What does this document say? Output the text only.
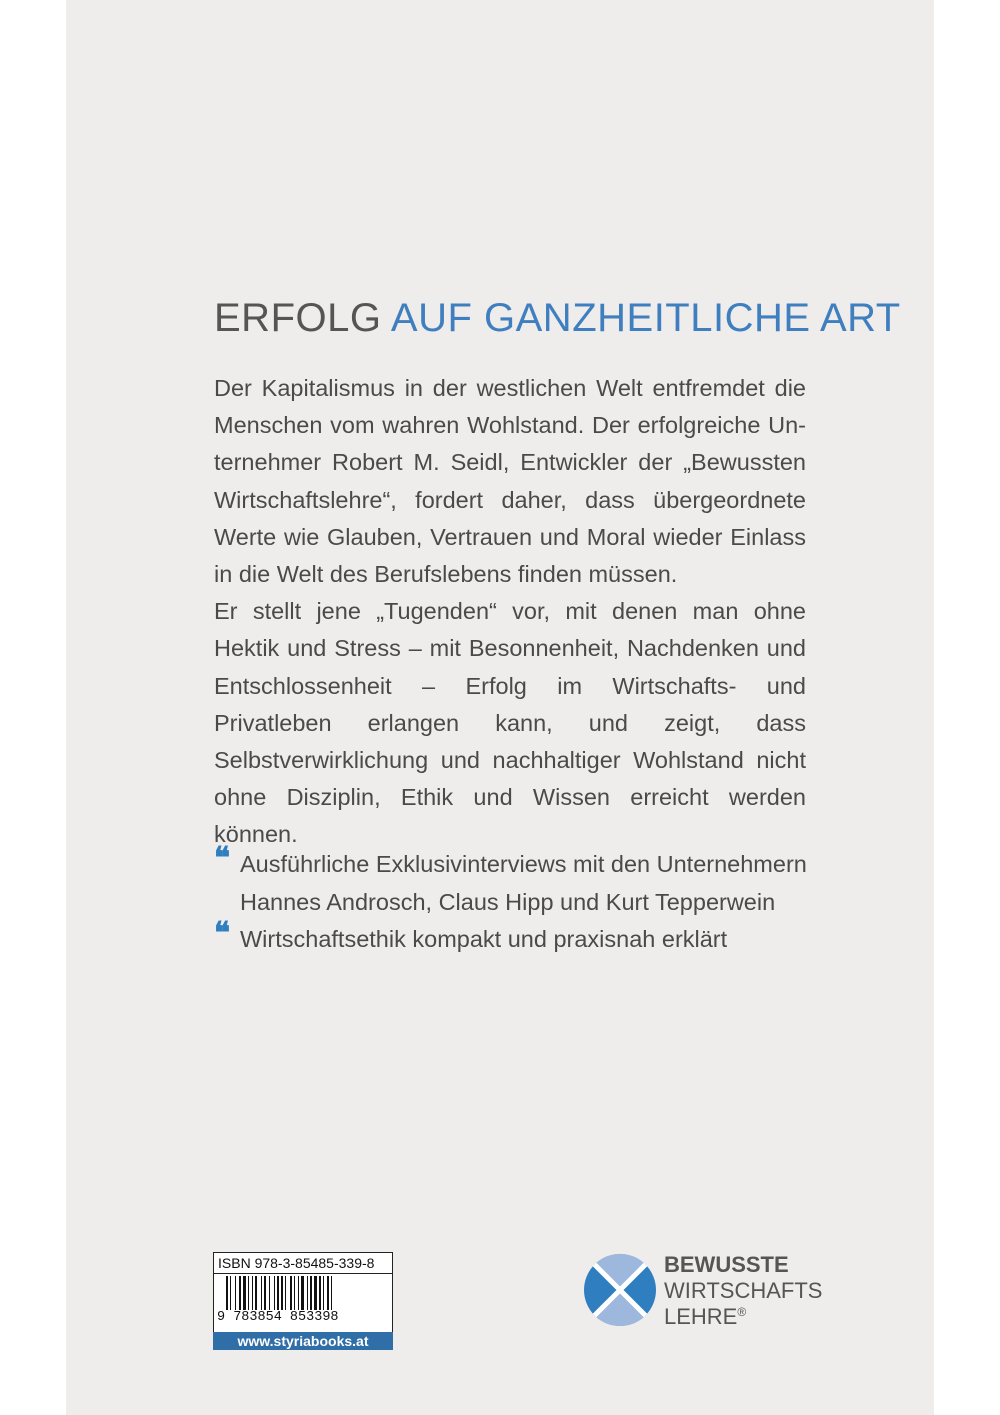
ERFOLG AUF GANZHEITLICHE ART

Der Kapitalismus in der westlichen Welt entfremdet die Menschen vom wahren Wohlstand. Der erfolgreiche Unternehmer Robert M. Seidl, Entwickler der „Bewussten Wirtschaftslehre“, fordert daher, dass übergeordnete Werte wie Glauben, Vertrauen und Moral wieder Einlass in die Welt des Berufslebens finden müssen.

Er stellt jene „Tugenden“ vor, mit denen man ohne Hektik und Stress – mit Besonnenheit, Nachdenken und Entschlossenheit – Erfolg im Wirtschafts- und Privatleben erlangen kann, und zeigt, dass Selbstverwirklichung und nachhaltiger Wohlstand nicht ohne Disziplin, Ethik und Wissen erreicht werden können.

❝ Ausführliche Exklusivinterviews mit den Unternehmern Hannes Androsch, Claus Hipp und Kurt Tepperwein
❝ Wirtschaftsethik kompakt und praxisnah erklärt
ISBN 978-3-85485-339-8
9 783854 853398
www.styriabooks.at
BEWUSSTE
WIRTSCHAFTS
LEHRE®
